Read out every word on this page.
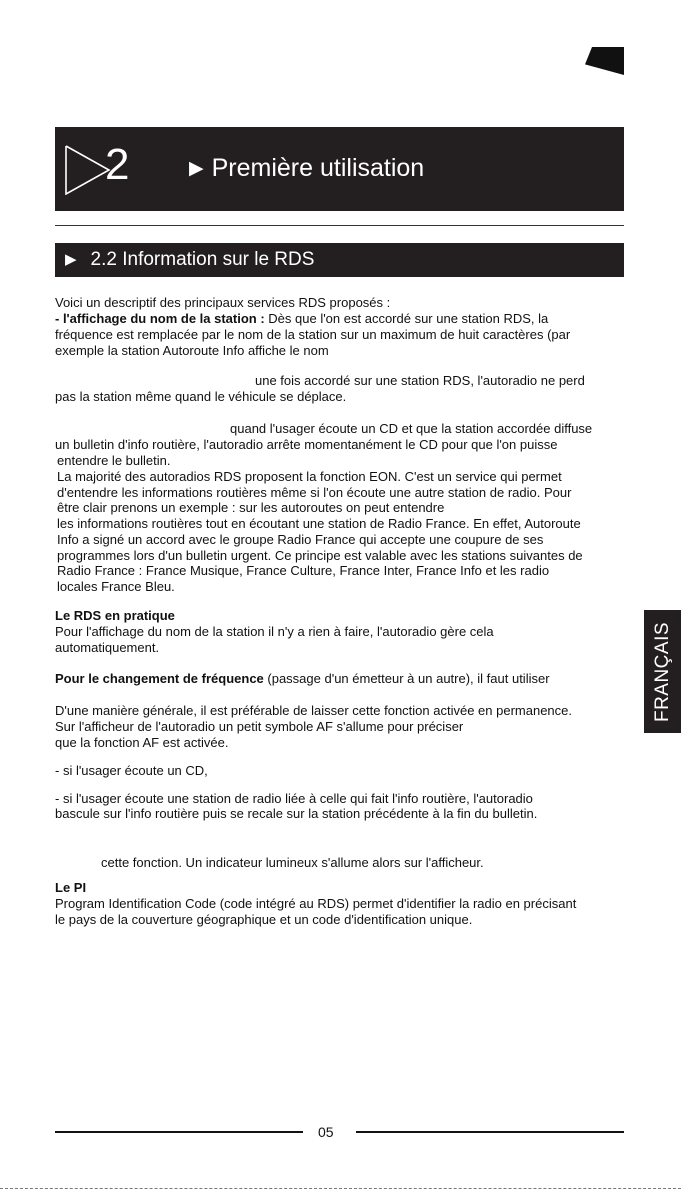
2	▶ Première utilisation
▶ 2.2 Information sur le RDS
Voici un descriptif des principaux services RDS proposés :
- l'affichage du nom de la station : Dès que l'on est accordé sur une station RDS, la
fréquence est remplacée par le nom de la station sur un maximum de huit caractères (par
exemple la station Autoroute Info affiche le nom
une fois accordé sur une station RDS, l'autoradio ne perd
pas la station même quand le véhicule se déplace.
quand l'usager écoute un CD et que la station accordée diffuse
un bulletin d'info routière, l'autoradio arrête momentanément le CD pour que l'on puisse
entendre le bulletin.
La majorité des autoradios RDS proposent la fonction EON. C'est un service qui permet
d'entendre les informations routières même si l'on écoute une autre station de radio. Pour
être clair prenons un exemple : sur les autoroutes on peut entendre
les informations routières tout en écoutant une station de Radio France. En effet, Autoroute
Info a signé un accord avec le groupe Radio France qui accepte une coupure de ses
programmes lors d'un bulletin urgent. Ce principe est valable avec les stations suivantes de
Radio France : France Musique, France Culture, France Inter, France Info et les radio
locales France Bleu.
Le RDS en pratique
Pour l'affichage du nom de la station il n'y a rien à faire, l'autoradio gère cela
automatiquement.
Pour le changement de fréquence (passage d'un émetteur à un autre), il faut utiliser
D'une manière générale, il est préférable de laisser cette fonction activée en permanence.
Sur l'afficheur de l'autoradio un petit symbole AF s'allume pour préciser
que la fonction AF est activée.
- si l'usager écoute un CD,
- si l'usager écoute une station de radio liée à celle qui fait l'info routière, l'autoradio
bascule sur l'info routière puis se recale sur la station précédente à la fin du bulletin.
cette fonction. Un indicateur lumineux s'allume alors sur l'afficheur.
Le PI
Program Identification Code (code intégré au RDS) permet d'identifier la radio en précisant
le pays de la couverture géographique et un code d'identification unique.
FRANÇAIS
05
